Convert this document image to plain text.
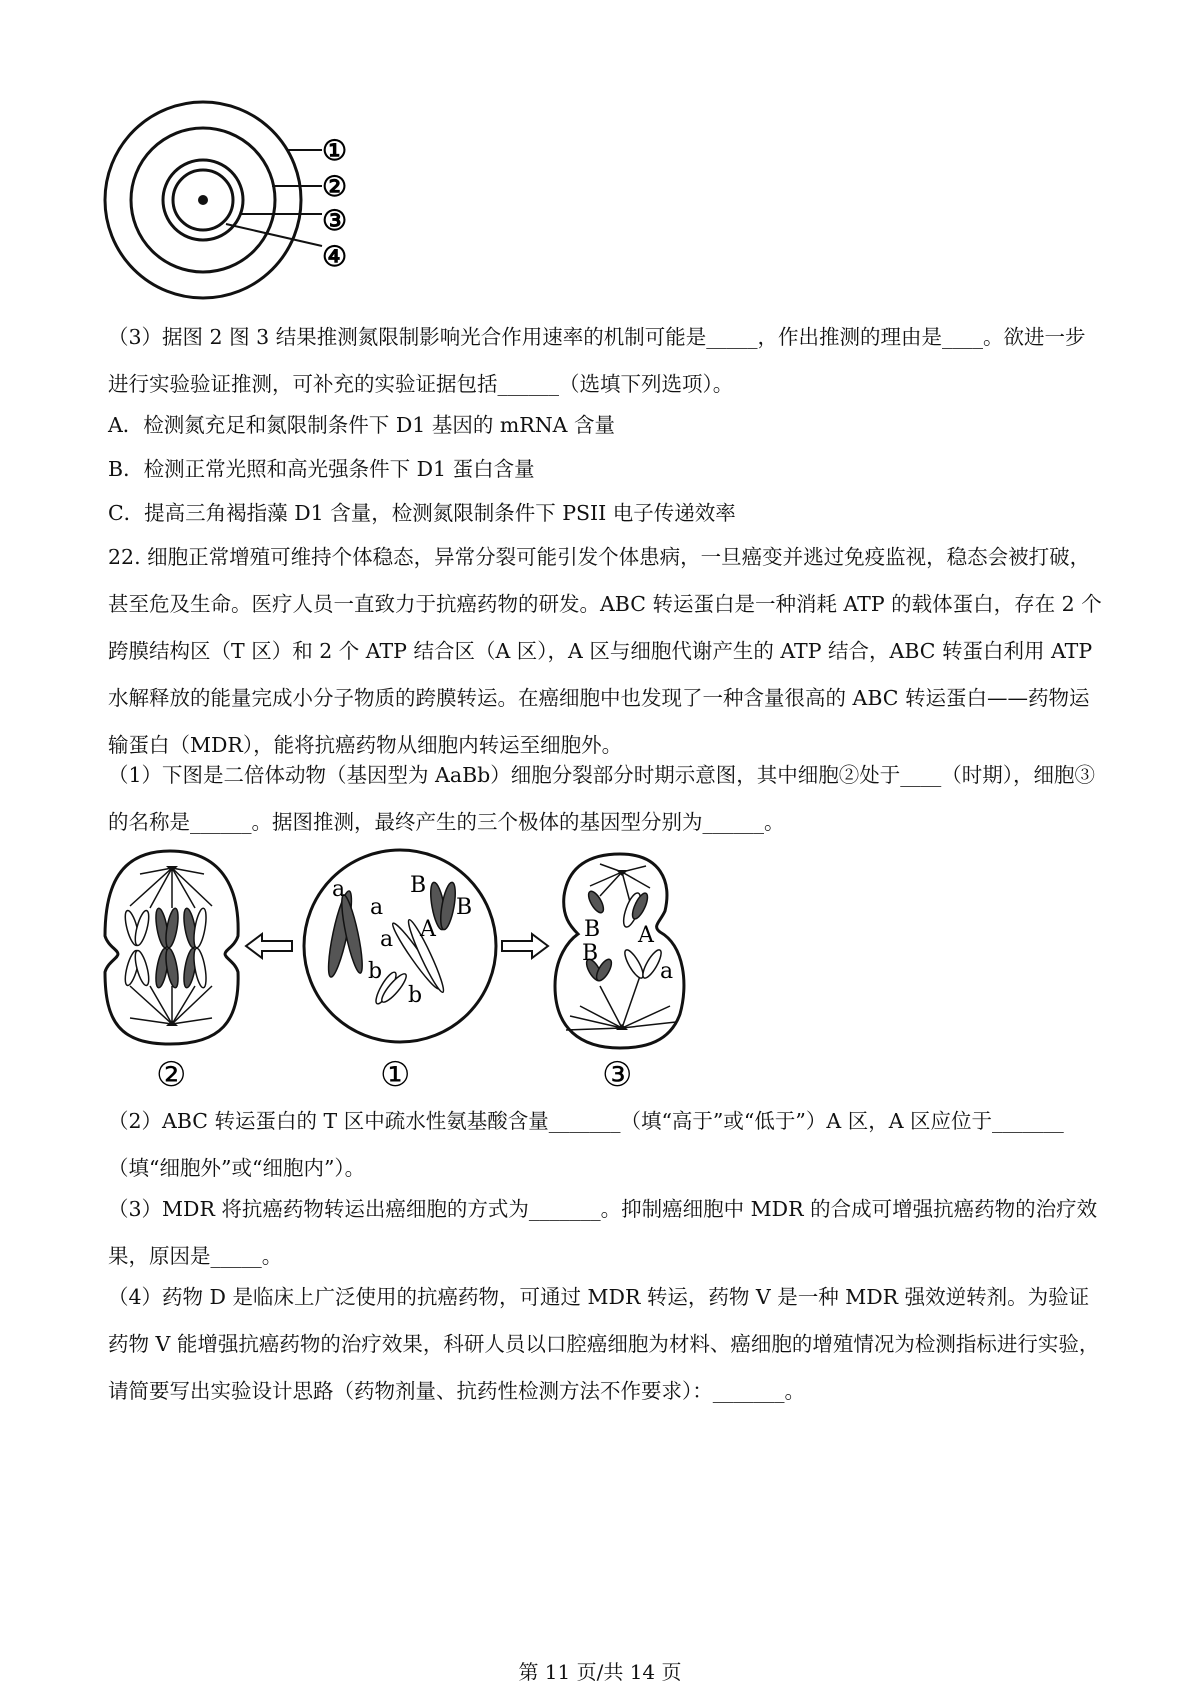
①
②
③
④

（3）据图 2 图 3 结果推测氮限制影响光合作用速率的机制可能是_____，作出推测的理由是____。欲进一步进行实验验证推测，可补充的实验证据包括______（选填下列选项）。

A．检测氮充足和氮限制条件下 D1 基因的 mRNA 含量

B．检测正常光照和高光强条件下 D1 蛋白含量

C．提高三角褐指藻 D1 含量，检测氮限制条件下 PSII 电子传递效率

22. 细胞正常增殖可维持个体稳态，异常分裂可能引发个体患病，一旦癌变并逃过免疫监视，稳态会被打破，甚至危及生命。医疗人员一直致力于抗癌药物的研发。ABC 转运蛋白是一种消耗 ATP 的载体蛋白，存在 2 个跨膜结构区（T 区）和 2 个 ATP 结合区（A 区），A 区与细胞代谢产生的 ATP 结合，ABC 转蛋白利用 ATP 水解释放的能量完成小分子物质的跨膜转运。在癌细胞中也发现了一种含量很高的 ABC 转运蛋白——药物运输蛋白（MDR），能将抗癌药物从细胞内转运至细胞外。

（1）下图是二倍体动物（基因型为 AaBb）细胞分裂部分时期示意图，其中细胞②处于____（时期），细胞③的名称是______。据图推测，最终产生的三个极体的基因型分别为______。

a
a
B
B
a A
b
b
B A
B
a
②	①	③

（2）ABC 转运蛋白的 T 区中疏水性氨基酸含量_______（填“高于”或“低于”）A 区，A 区应位于_______（填“细胞外”或“细胞内”）。

（3）MDR 将抗癌药物转运出癌细胞的方式为_______。抑制癌细胞中 MDR 的合成可增强抗癌药物的治疗效果，原因是_____。

（4）药物 D 是临床上广泛使用的抗癌药物，可通过 MDR 转运，药物 V 是一种 MDR 强效逆转剂。为验证药物 V 能增强抗癌药物的治疗效果，科研人员以口腔癌细胞为材料、癌细胞的增殖情况为检测指标进行实验，请简要写出实验设计思路（药物剂量、抗药性检测方法不作要求）：_______。

第 11 页/共 14 页
